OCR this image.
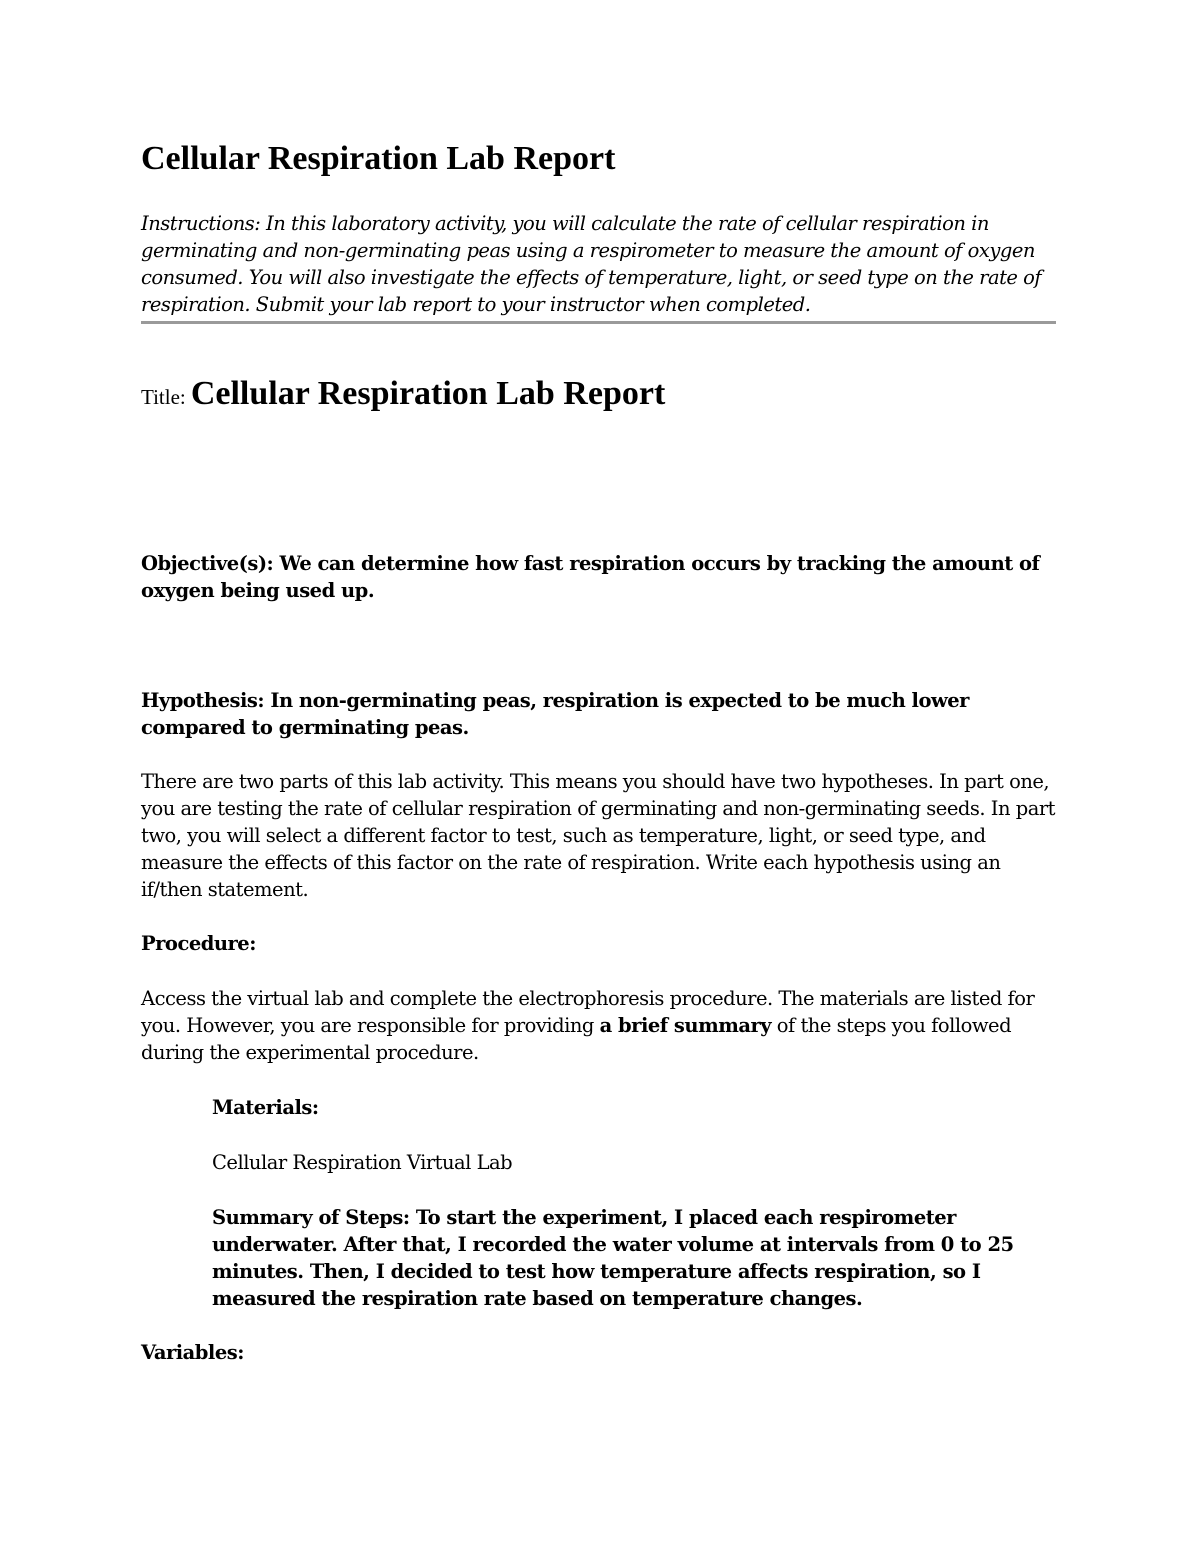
Cellular Respiration Lab Report
Instructions: In this laboratory activity, you will calculate the rate of cellular respiration in germinating and non-germinating peas using a respirometer to measure the amount of oxygen consumed. You will also investigate the effects of temperature, light, or seed type on the rate of respiration. Submit your lab report to your instructor when completed.
Title: Cellular Respiration Lab Report
Objective(s): We can determine how fast respiration occurs by tracking the amount of oxygen being used up.
Hypothesis: In non-germinating peas, respiration is expected to be much lower compared to germinating peas.
There are two parts of this lab activity. This means you should have two hypotheses. In part one, you are testing the rate of cellular respiration of germinating and non-germinating seeds. In part two, you will select a different factor to test, such as temperature, light, or seed type, and measure the effects of this factor on the rate of respiration. Write each hypothesis using an if/then statement.
Procedure:
Access the virtual lab and complete the electrophoresis procedure. The materials are listed for you. However, you are responsible for providing a brief summary of the steps you followed during the experimental procedure.
Materials:
Cellular Respiration Virtual Lab
Summary of Steps: To start the experiment, I placed each respirometer underwater. After that, I recorded the water volume at intervals from 0 to 25 minutes. Then, I decided to test how temperature affects respiration, so I measured the respiration rate based on temperature changes.
Variables:
